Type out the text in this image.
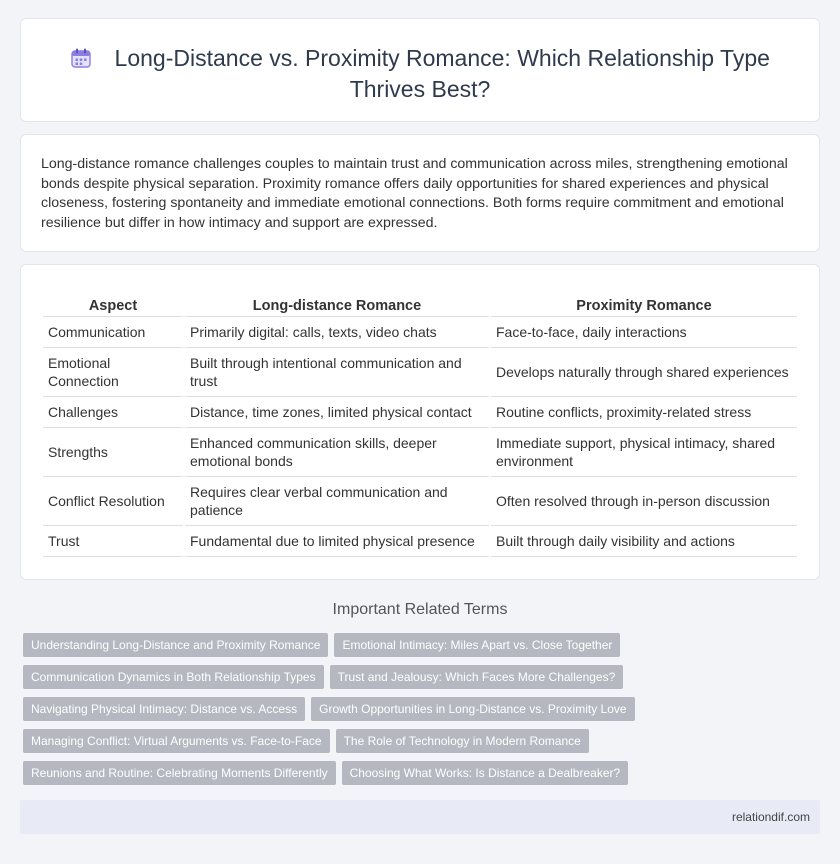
Long-Distance vs. Proximity Romance: Which Relationship Type Thrives Best?

Long-distance romance challenges couples to maintain trust and communication across miles, strengthening emotional bonds despite physical separation. Proximity romance offers daily opportunities for shared experiences and physical closeness, fostering spontaneity and immediate emotional connections. Both forms require commitment and emotional resilience but differ in how intimacy and support are expressed.

Aspect	Long-distance Romance	Proximity Romance
Communication	Primarily digital: calls, texts, video chats	Face-to-face, daily interactions
Emotional Connection	Built through intentional communication and trust	Develops naturally through shared experiences
Challenges	Distance, time zones, limited physical contact	Routine conflicts, proximity-related stress
Strengths	Enhanced communication skills, deeper emotional bonds	Immediate support, physical intimacy, shared environment
Conflict Resolution	Requires clear verbal communication and patience	Often resolved through in-person discussion
Trust	Fundamental due to limited physical presence	Built through daily visibility and actions
Important Related Terms
Understanding Long-Distance and Proximity Romance Emotional Intimacy: Miles Apart vs. Close Together
Communication Dynamics in Both Relationship Types Trust and Jealousy: Which Faces More Challenges?
Navigating Physical Intimacy: Distance vs. Access Growth Opportunities in Long-Distance vs. Proximity Love
Managing Conflict: Virtual Arguments vs. Face-to-Face The Role of Technology in Modern Romance
Reunions and Routine: Celebrating Moments Differently Choosing What Works: Is Distance a Dealbreaker?
relationdif.com
